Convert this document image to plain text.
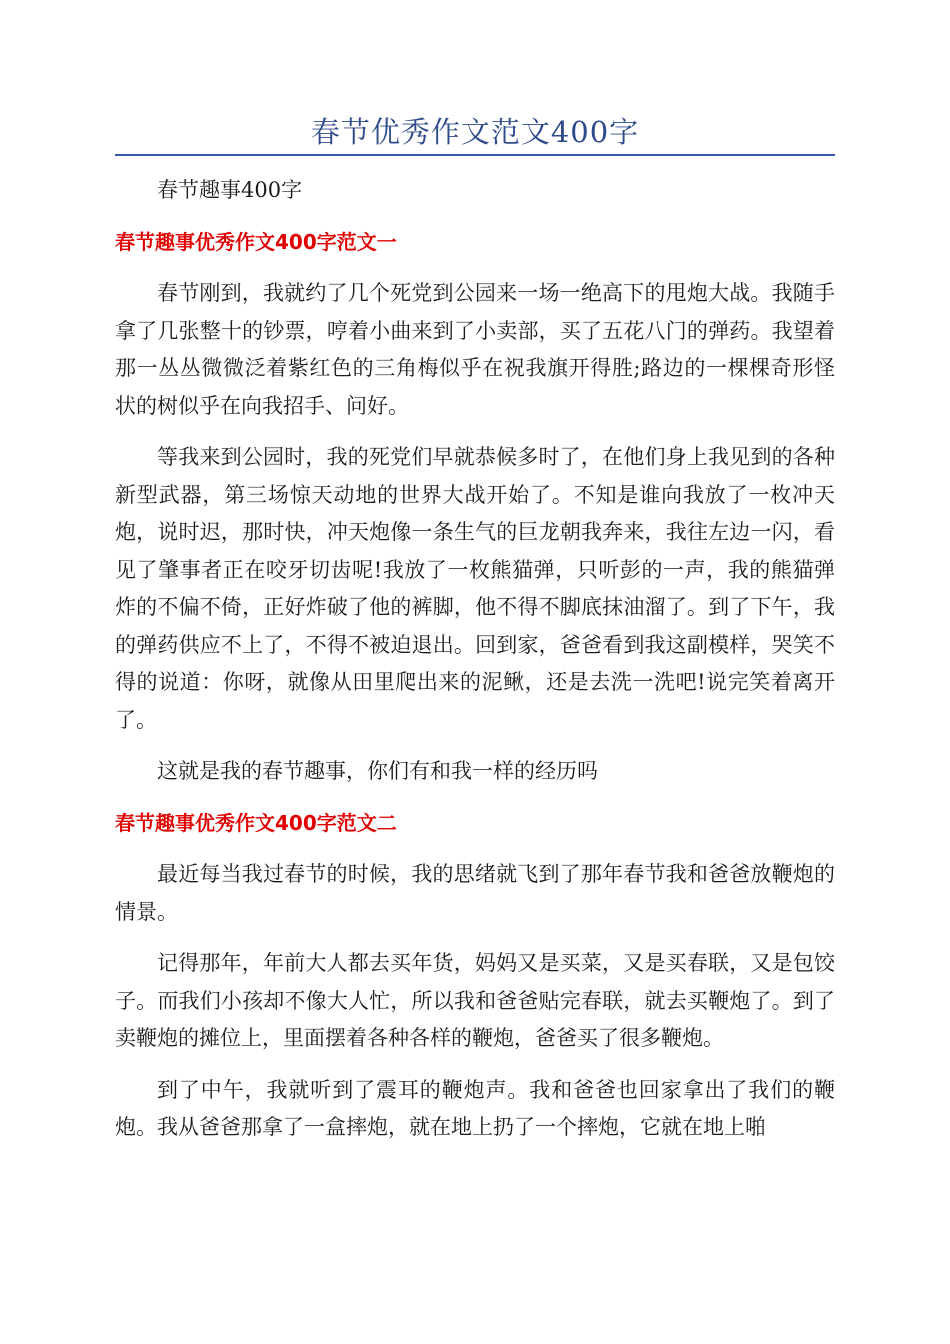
春节优秀作文范文400字

春节趣事400字

春节趣事优秀作文400字范文一

春节刚到，我就约了几个死党到公园来一场一绝高下的甩炮大战。我随手拿了几张整十的钞票，哼着小曲来到了小卖部，买了五花八门的弹药。我望着那一丛丛微微泛着紫红色的三角梅似乎在祝我旗开得胜;路边的一棵棵奇形怪状的树似乎在向我招手、问好。

等我来到公园时，我的死党们早就恭候多时了，在他们身上我见到的各种新型武器，第三场惊天动地的世界大战开始了。不知是谁向我放了一枚冲天炮，说时迟，那时快，冲天炮像一条生气的巨龙朝我奔来，我往左边一闪，看见了肇事者正在咬牙切齿呢!我放了一枚熊猫弹，只听彭的一声，我的熊猫弹炸的不偏不倚，正好炸破了他的裤脚，他不得不脚底抹油溜了。到了下午，我的弹药供应不上了，不得不被迫退出。回到家，爸爸看到我这副模样，哭笑不得的说道：你呀，就像从田里爬出来的泥鳅，还是去洗一洗吧!说完笑着离开了。

这就是我的春节趣事，你们有和我一样的经历吗

春节趣事优秀作文400字范文二

最近每当我过春节的时候，我的思绪就飞到了那年春节我和爸爸放鞭炮的情景。

记得那年，年前大人都去买年货，妈妈又是买菜，又是买春联，又是包饺子。而我们小孩却不像大人忙，所以我和爸爸贴完春联，就去买鞭炮了。到了卖鞭炮的摊位上，里面摆着各种各样的鞭炮，爸爸买了很多鞭炮。

到了中午，我就听到了震耳的鞭炮声。我和爸爸也回家拿出了我们的鞭炮。我从爸爸那拿了一盒摔炮，就在地上扔了一个摔炮，它就在地上啪
